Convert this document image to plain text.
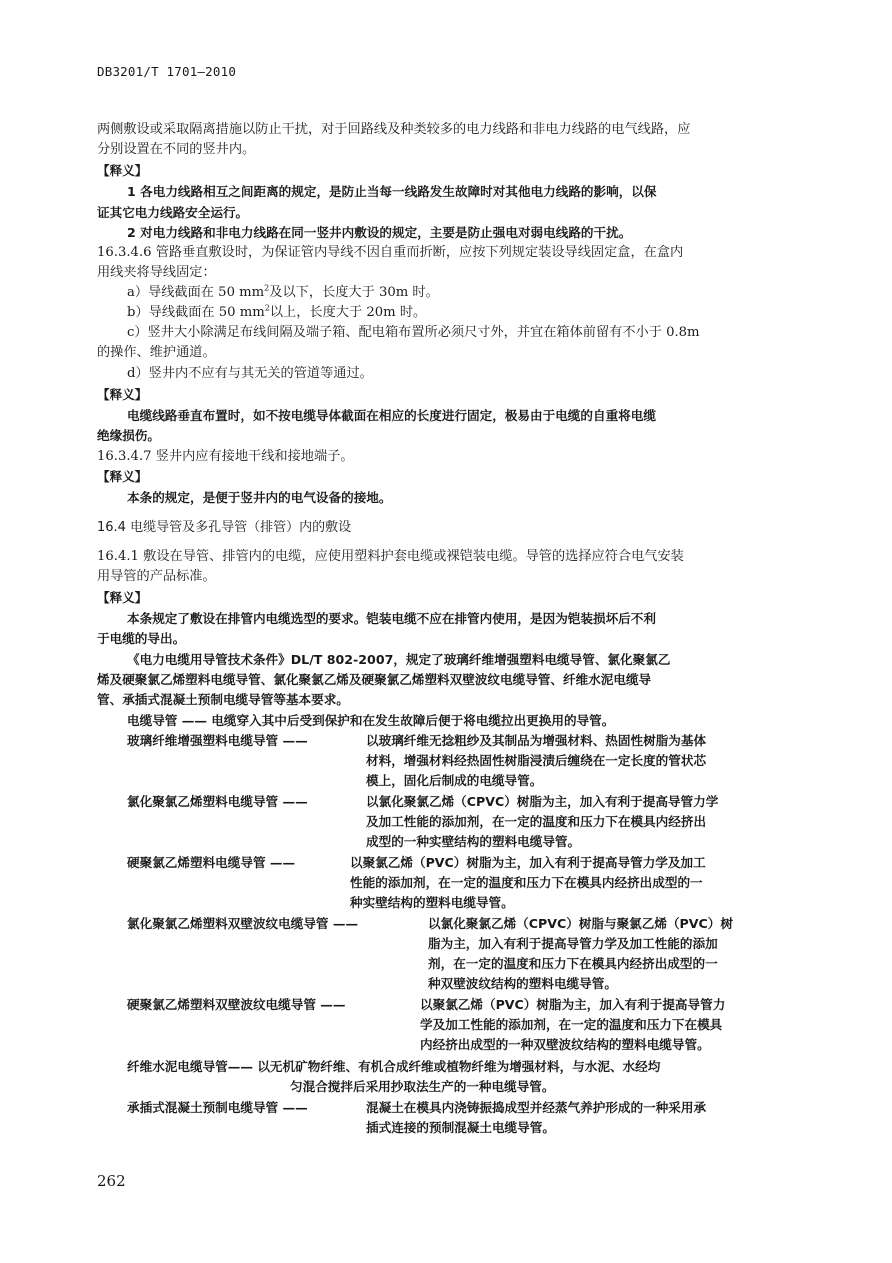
DB3201/T 1701—2010
两侧敷设或采取隔离措施以防止干扰，对于回路线及种类较多的电力线路和非电力线路的电气线路，应
分别设置在不同的竖井内。
【释义】
1 各电力线路相互之间距离的规定，是防止当每一线路发生故障时对其他电力线路的影响，以保
证其它电力线路安全运行。
2 对电力线路和非电力线路在同一竖井内敷设的规定，主要是防止强电对弱电线路的干扰。
16.3.4.6 管路垂直敷设时，为保证管内导线不因自重而折断，应按下列规定装设导线固定盒，在盒内
用线夹将导线固定：
a）导线截面在 50 $mm^2$及以下，长度大于 30m 时。
b）导线截面在 50 $mm^2$以上，长度大于 20m 时。
c）竖井大小除满足布线间隔及端子箱、配电箱布置所必须尺寸外，并宜在箱体前留有不小于 0.8m
的操作、维护通道。
d）竖井内不应有与其无关的管道等通过。
【释义】
电缆线路垂直布置时，如不按电缆导体截面在相应的长度进行固定，极易由于电缆的自重将电缆
绝缘损伤。
16.3.4.7 竖井内应有接地干线和接地端子。
【释义】
本条的规定，是便于竖井内的电气设备的接地。
16.4 电缆导管及多孔导管（排管）内的敷设
16.4.1 敷设在导管、排管内的电缆，应使用塑料护套电缆或裸铠装电缆。导管的选择应符合电气安装
用导管的产品标准。
【释义】
本条规定了敷设在排管内电缆选型的要求。铠装电缆不应在排管内使用，是因为铠装损坏后不利
于电缆的导出。
《电力电缆用导管技术条件》DL/T 802-2007，规定了玻璃纤维增强塑料电缆导管、氯化聚氯乙
烯及硬聚氯乙烯塑料电缆导管、氯化聚氯乙烯及硬聚氯乙烯塑料双壁波纹电缆导管、纤维水泥电缆导
管、承插式混凝土预制电缆导管等基本要求。
电缆导管 —— 电缆穿入其中后受到保护和在发生故障后便于将电缆拉出更换用的导管。
玻璃纤维增强塑料电缆导管 ——	以玻璃纤维无捻粗纱及其制品为增强材料、热固性树脂为基体
材料，增强材料经热固性树脂浸渍后缠绕在一定长度的管状芯
模上，固化后制成的电缆导管。
氯化聚氯乙烯塑料电缆导管 ——	以氯化聚氯乙烯（CPVC）树脂为主，加入有利于提高导管力学
及加工性能的添加剂，在一定的温度和压力下在模具内经挤出
成型的一种实壁结构的塑料电缆导管。
硬聚氯乙烯塑料电缆导管 ——	以聚氯乙烯（PVC）树脂为主，加入有利于提高导管力学及加工
性能的添加剂，在一定的温度和压力下在模具内经挤出成型的一
种实壁结构的塑料电缆导管。
氯化聚氯乙烯塑料双壁波纹电缆导管 ——	以氯化聚氯乙烯（CPVC）树脂与聚氯乙烯（PVC）树
脂为主，加入有利于提高导管力学及加工性能的添加
剂，在一定的温度和压力下在模具内经挤出成型的一
种双壁波纹结构的塑料电缆导管。
硬聚氯乙烯塑料双壁波纹电缆导管 ——	以聚氯乙烯（PVC）树脂为主，加入有利于提高导管力
学及加工性能的添加剂，在一定的温度和压力下在模具
内经挤出成型的一种双壁波纹结构的塑料电缆导管。
纤维水泥电缆导管—— 以无机矿物纤维、有机合成纤维或植物纤维为增强材料，与水泥、水经均
匀混合搅拌后采用抄取法生产的一种电缆导管。
承插式混凝土预制电缆导管 ——	混凝土在模具内浇铸振捣成型并经蒸气养护形成的一种采用承
插式连接的预制混凝土电缆导管。
262
